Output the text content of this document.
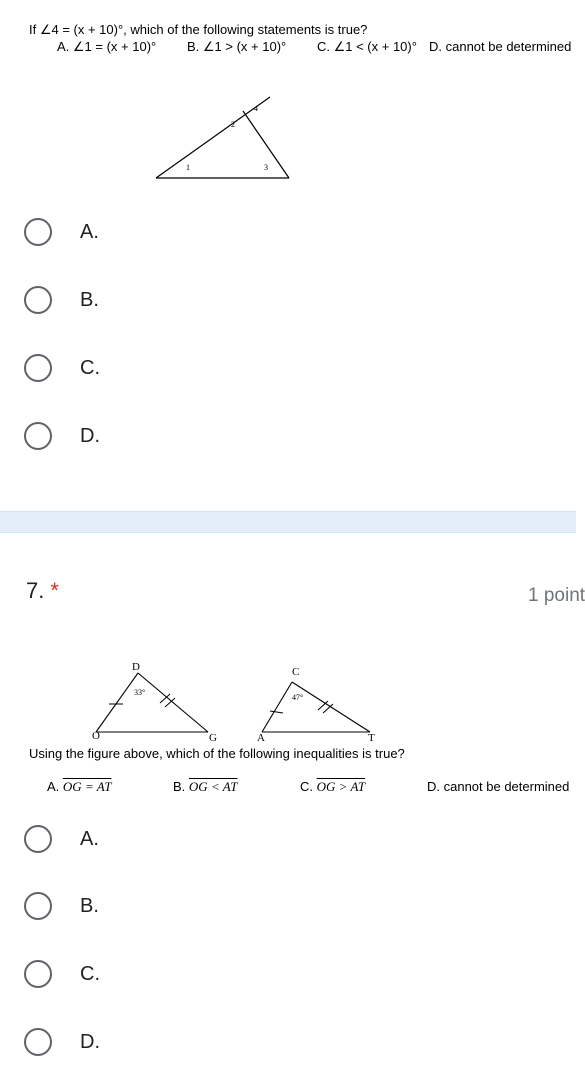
If ∠4 = (x + 10)°, which of the following statements is true?
A. ∠1 = (x + 10)° B. ∠1 > (x + 10)° C. ∠1 < (x + 10)° D. cannot be determined
1
2
3
4
A.
B.
C.
D.
7. *	1 point
D
O	G
33°
C
A	T
47°
Using the figure above, which of the following inequalities is true?
A. OG = AT	B. OG < AT	C. OG > AT	D. cannot be determined
A.
B.
C.
D.
